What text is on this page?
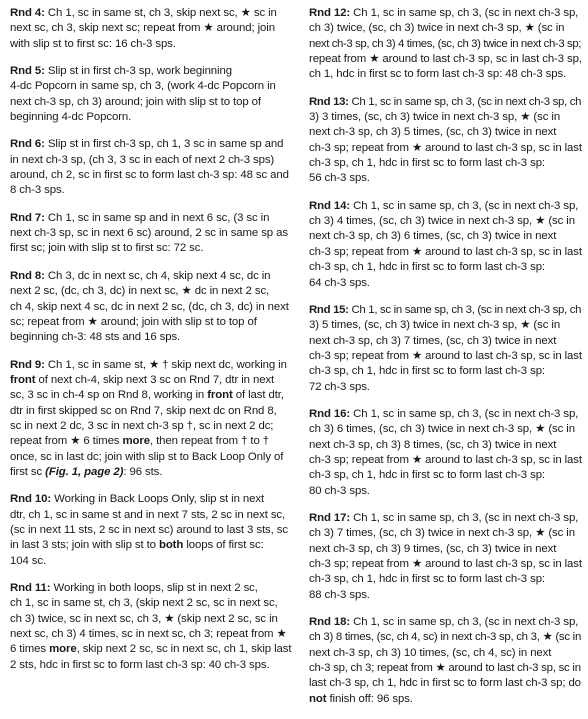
Rnd 4: Ch 1, sc in same st, ch 3, skip next sc, ★ sc in
next sc, ch 3, skip next sc; repeat from ★ around; join
with slip st to first sc: 16 ch-3 sps.
Rnd 5: Slip st in first ch-3 sp, work beginning
4-dc Popcorn in same sp, ch 3, (work 4-dc Popcorn in
next ch-3 sp, ch 3) around; join with slip st to top of
beginning 4-dc Popcorn.
Rnd 6: Slip st in first ch-3 sp, ch 1, 3 sc in same sp and
in next ch-3 sp, (ch 3, 3 sc in each of next 2 ch-3 sps)
around, ch 2, sc in first sc to form last ch-3 sp: 48 sc and
8 ch-3 sps.
Rnd 7: Ch 1, sc in same sp and in next 6 sc, (3 sc in
next ch-3 sp, sc in next 6 sc) around, 2 sc in same sp as
first sc; join with slip st to first sc: 72 sc.
Rnd 8: Ch 3, dc in next sc, ch 4, skip next 4 sc, dc in
next 2 sc, (dc, ch 3, dc) in next sc, ★ dc in next 2 sc,
ch 4, skip next 4 sc, dc in next 2 sc, (dc, ch 3, dc) in next
sc; repeat from ★ around; join with slip st to top of
beginning ch-3: 48 sts and 16 sps.
Rnd 9: Ch 1, sc in same st, ★ † skip next dc, working in
front of next ch-4, skip next 3 sc on Rnd 7, dtr in next
sc, 3 sc in ch-4 sp on Rnd 8, working in front of last dtr,
dtr in first skipped sc on Rnd 7, skip next dc on Rnd 8,
sc in next 2 dc, 3 sc in next ch-3 sp †, sc in next 2 dc;
repeat from ★ 6 times more, then repeat from † to †
once, sc in last dc; join with slip st to Back Loop Only of
first sc (Fig. 1, page 2): 96 sts.
Rnd 10: Working in Back Loops Only, slip st in next
dtr, ch 1, sc in same st and in next 7 sts, 2 sc in next sc,
(sc in next 11 sts, 2 sc in next sc) around to last 3 sts, sc
in last 3 sts; join with slip st to both loops of first sc:
104 sc.
Rnd 11: Working in both loops, slip st in next 2 sc,
ch 1, sc in same st, ch 3, (skip next 2 sc, sc in next sc,
ch 3) twice, sc in next sc, ch 3, ★ (skip next 2 sc, sc in
next sc, ch 3) 4 times, sc in next sc, ch 3; repeat from ★
6 times more, skip next 2 sc, sc in next sc, ch 1, skip last
2 sts, hdc in first sc to form last ch-3 sp: 40 ch-3 sps.
Rnd 12: Ch 1, sc in same sp, ch 3, (sc in next ch-3 sp,
ch 3) twice, (sc, ch 3) twice in next ch-3 sp, ★ (sc in
next ch-3 sp, ch 3) 4 times, (sc, ch 3) twice in next ch-3 sp;
repeat from ★ around to last ch-3 sp, sc in last ch-3 sp,
ch 1, hdc in first sc to form last ch-3 sp: 48 ch-3 sps.
Rnd 13: Ch 1, sc in same sp, ch 3, (sc in next ch-3 sp, ch
3) 3 times, (sc, ch 3) twice in next ch-3 sp, ★ (sc in
next ch-3 sp, ch 3) 5 times, (sc, ch 3) twice in next
ch-3 sp; repeat from ★ around to last ch-3 sp, sc in last
ch-3 sp, ch 1, hdc in first sc to form last ch-3 sp:
56 ch-3 sps.
Rnd 14: Ch 1, sc in same sp, ch 3, (sc in next ch-3 sp,
ch 3) 4 times, (sc, ch 3) twice in next ch-3 sp, ★ (sc in
next ch-3 sp, ch 3) 6 times, (sc, ch 3) twice in next
ch-3 sp; repeat from ★ around to last ch-3 sp, sc in last
ch-3 sp, ch 1, hdc in first sc to form last ch-3 sp:
64 ch-3 sps.
Rnd 15: Ch 1, sc in same sp, ch 3, (sc in next ch-3 sp, ch
3) 5 times, (sc, ch 3) twice in next ch-3 sp, ★ (sc in
next ch-3 sp, ch 3) 7 times, (sc, ch 3) twice in next
ch-3 sp; repeat from ★ around to last ch-3 sp, sc in last
ch-3 sp, ch 1, hdc in first sc to form last ch-3 sp:
72 ch-3 sps.
Rnd 16: Ch 1, sc in same sp, ch 3, (sc in next ch-3 sp,
ch 3) 6 times, (sc, ch 3) twice in next ch-3 sp, ★ (sc in
next ch-3 sp, ch 3) 8 times, (sc, ch 3) twice in next
ch-3 sp; repeat from ★ around to last ch-3 sp, sc in last
ch-3 sp, ch 1, hdc in first sc to form last ch-3 sp:
80 ch-3 sps.
Rnd 17: Ch 1, sc in same sp, ch 3, (sc in next ch-3 sp,
ch 3) 7 times, (sc, ch 3) twice in next ch-3 sp, ★ (sc in
next ch-3 sp, ch 3) 9 times, (sc, ch 3) twice in next
ch-3 sp; repeat from ★ around to last ch-3 sp, sc in last
ch-3 sp, ch 1, hdc in first sc to form last ch-3 sp:
88 ch-3 sps.
Rnd 18: Ch 1, sc in same sp, ch 3, (sc in next ch-3 sp,
ch 3) 8 times, (sc, ch 4, sc) in next ch-3 sp, ch 3, ★ (sc in
next ch-3 sp, ch 3) 10 times, (sc, ch 4, sc) in next
ch-3 sp, ch 3; repeat from ★ around to last ch-3 sp, sc in
last ch-3 sp, ch 1, hdc in first sc to form last ch-3 sp; do
not finish off: 96 sps.
